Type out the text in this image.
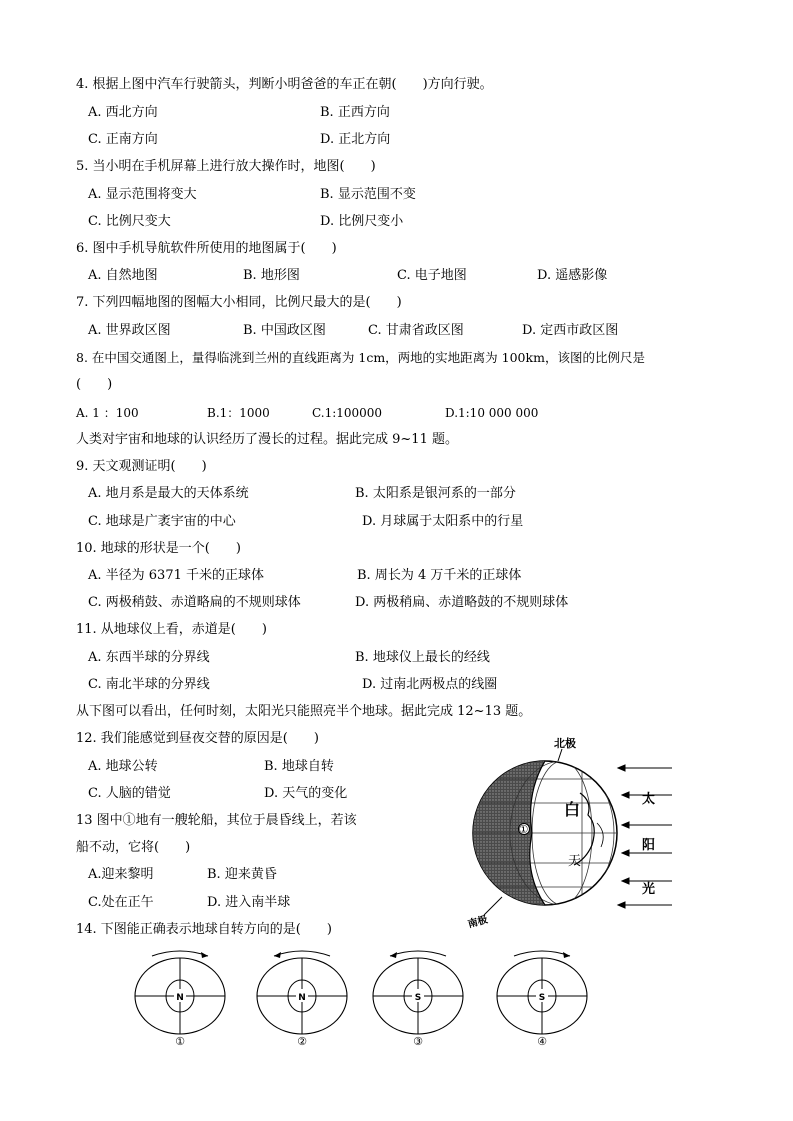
4. 根据上图中汽车行驶箭头，判断小明爸爸的车正在朝(　　)方向行驶。
A. 西北方向	B. 正西方向
C. 正南方向	D. 正北方向
5. 当小明在手机屏幕上进行放大操作时，地图(　　)
A. 显示范围将变大	B. 显示范围不变
C. 比例尺变大	D. 比例尺变小
6. 图中手机导航软件所使用的地图属于(　　)
A. 自然地图	B. 地形图	C. 电子地图	D. 遥感影像
7. 下列四幅地图的图幅大小相同，比例尺最大的是(　　)
A. 世界政区图	B. 中国政区图	C. 甘肃省政区图	D. 定西市政区图
8. 在中国交通图上，量得临洮到兰州的直线距离为 1cm，两地的实地距离为 100km，该图的比例尺是
(　　)
A. 1 ：100	B.1：1000	C.1:100000	D.1:10 000 000
人类对宇宙和地球的认识经历了漫长的过程。据此完成 9~11 题。
9. 天文观测证明(　　)
A. 地月系是最大的天体系统	B. 太阳系是银河系的一部分
C. 地球是广袤宇宙的中心	D. 月球属于太阳系中的行星
10. 地球的形状是一个(　　)
A. 半径为 6371 千米的正球体	B. 周长为 4 万千米的正球体
C. 两极稍鼓、赤道略扁的不规则球体	D. 两极稍扁、赤道略鼓的不规则球体
11. 从地球仪上看，赤道是(　　)
A. 东西半球的分界线	B. 地球仪上最长的经线
C. 南北半球的分界线	D. 过南北两极点的线圈
从下图可以看出，任何时刻，太阳光只能照亮半个地球。据此完成 12~13 题。
12. 我们能感觉到昼夜交替的原因是(　　)
A. 地球公转	B. 地球自转
C. 人脑的错觉	D. 天气的变化
13 图中①地有一艘轮船，其位于晨昏线上，若该
船不动，它将(　　)
A.迎来黎明	B. 迎来黄昏
C.处在正午	D. 进入南半球
14. 下图能正确表示地球自转方向的是(　　)
北极
南极
①
白
天
太
阳
光
N
①
N
②
S
③
S
④
